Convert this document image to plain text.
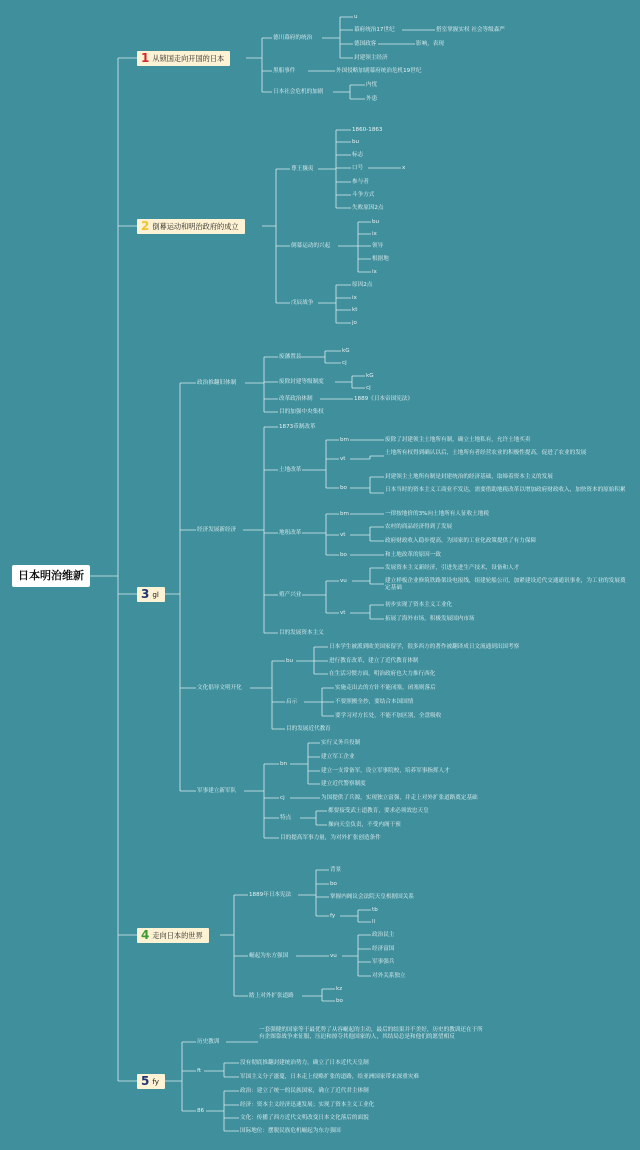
日本明治维新
1 从锁国走向开国的日本
德川幕府的统治
u
幕府统治17世纪	搭室掌握实权 社会等级森严
德国政客	影响，表现
封建领主经济
黑船事件	外国侵略加剧幕府统治危机19世纪
日本社会危机的加剧
内忧
外患
2 倒幕运动和明治政府的成立
尊王攘夷
1860-1863
bu
标志
口号	x
参与者
斗争方式
失败原因2点
倒幕运动的兴起
bu
ix
领导
根据地
ix
戊辰战争
原因2点
ix
kt
jo
3 gl
政治推翻旧体制
废藩置县
kG
cj
废除封建等级制度
kG
cj
改革政治体制	1889《日本帝国宪法》
目的加强中央集权
经济发展新经济
1873币制改革
土地改革
bm	废除了封建领主土地所有制，确立土地私有，允许土地买卖
vt
土地所有权得到确认以后，土地所有者经营农业的积极性提高，促进了农业的发展
bo
封建领主土地所有制是封建统治的经济基础，取缔着资本主义的发展
日本当时的资本主义工商业不发达，需要借助地税改革以增加政府财政收入，加快资本的原始积累
地租改革
bm	一律按地价的3%向土地所有人征收土地税
vt
农村的商品经济得到了发展
政府财政收入稳步提高，为国家的工业化政策提供了有力保障
bo	和土地改革的原因一致
殖产兴业
vu
发展资本主义新经济，引进先进生产技术，设备和人才
建立样板企业修筑铁路架设电报线，组建轮船公司，加紧建设近代交通通讯事业，为工业的发展奠定基础
vt
初步实现了资本主义工业化
拓展了海外市场，积极发展国内市场
目的发展资本主义
文化倡导文明开化
bu
日本学生被派到欧美国家留学，很多西方的著作被翻译成日文流通到出国考察
进行教育改革，建立了近代教育体制
在生活习惯方面，明治政府也大力推行西化
启示
实施走出去的方针不能闭塞，闭塞则落后
不要照搬全抄，要结合本国国情
要学习对方长处，不能不加区别，全盘吸收
目的发展近代教育
军事建立新军队
bn
实行义务兵役制
建立军工企业
建立一支常备军，设立军事院校，培养军事指挥人才
建立近代警察制度
cj	为国提供了兵源，实现独立富强，并走上对外扩张道路奠定基础
特点
都要接受武士道教育，要求必须效忠天皇
操向天皇负责，不受内阁干预
目的提高军事力量，为对外扩张创造条件
4 走向日本的世界
1889年日本宪法
背景
bo
掌握内阁议会法院天皇根据国关系
fy
tb
ll
崛起为东方强国	vu
政治民主
经济富国
军事强兵
对外关系独立
踏上对外扩张道路
kz
bo
5 fy
历史教训
一套强健的国家等于最优势了从容崛起的主动，最后的结果并不美好，历史的教训还在于所有企图靠战争来征服，压迫和掠夺其他国家的人，其结局总是和他们的愿望相反
ft
没有彻底推翻封建统治势力，确立了日本近代天皇制
军国主义分子滋蔓，日本走上侵略扩张的道路，给亚洲国家带来深重灾难
86
政治：建立了统一的民族国家，确立了近代君主体制
经济：资本主义经济迅速发展；实现了资本主义工业化
文化：传播了西方近代文明改变日本文化落后的面貌
国际地位：摆脱民族危机崛起为东方强国
